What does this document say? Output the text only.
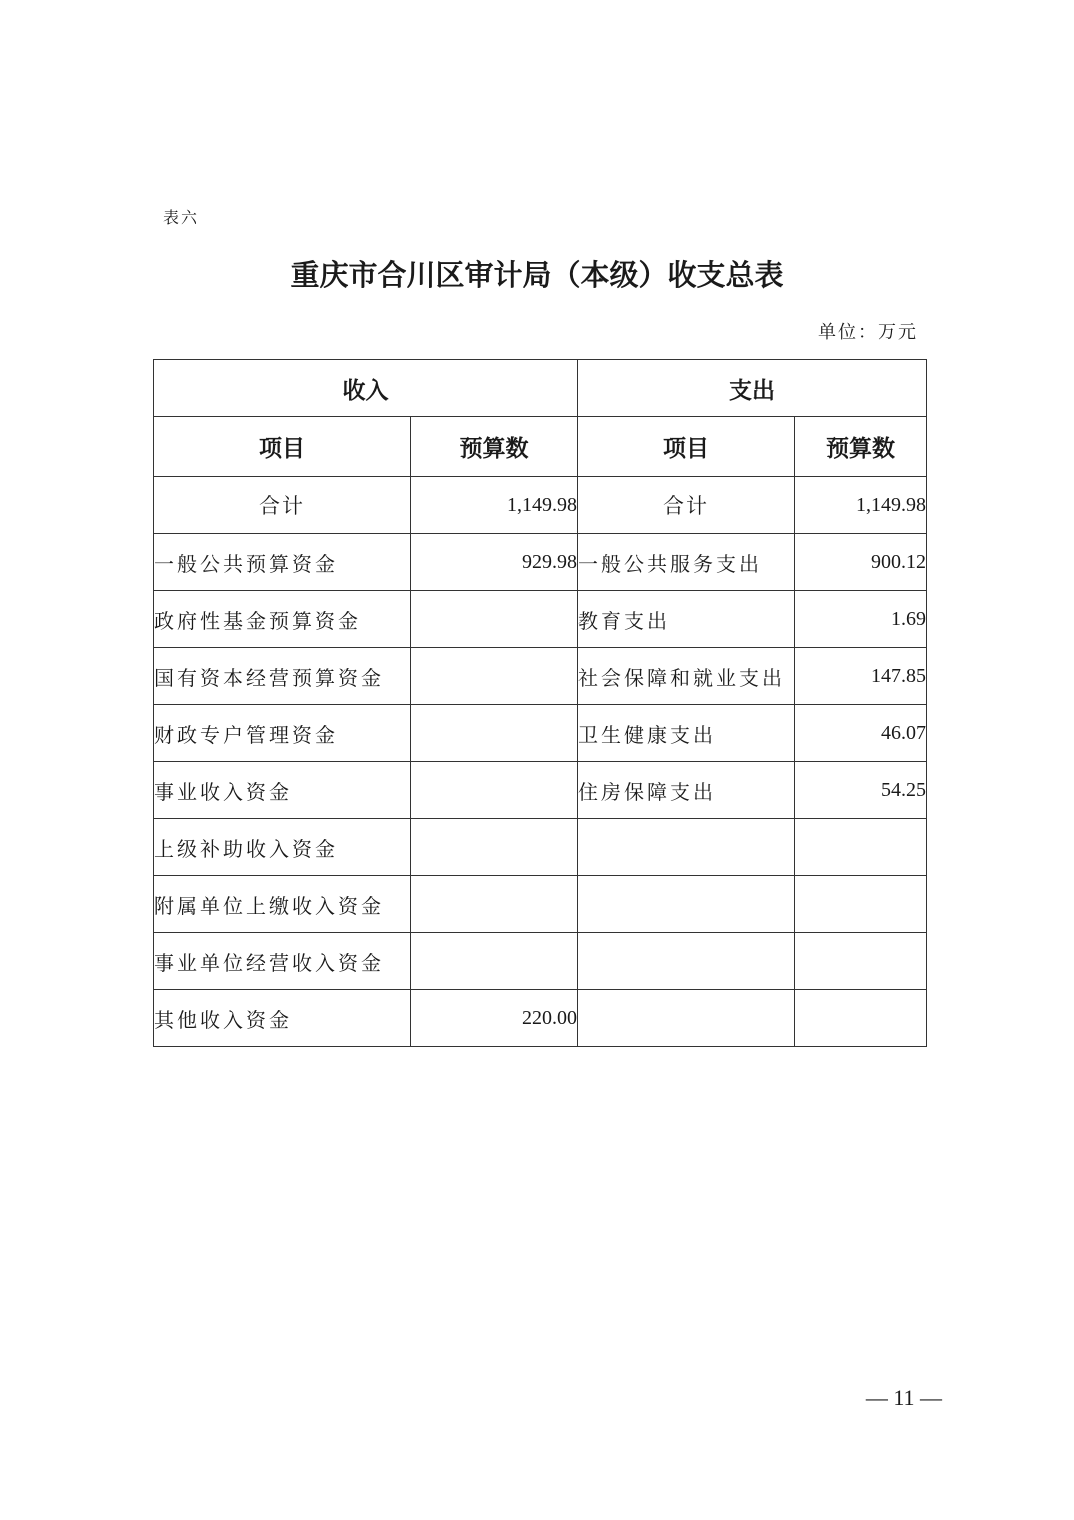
表六
重庆市合川区审计局（本级）收支总表
单位：万元
收入		支出	
项目	预算数	项目	预算数
合计	1,149.98	合计	1,149.98
一般公共预算资金	929.98	一般公共服务支出	900.12
政府性基金预算资金		教育支出	1.69
国有资本经营预算资金		社会保障和就业支出	147.85
财政专户管理资金		卫生健康支出	46.07
事业收入资金		住房保障支出	54.25
上级补助收入资金			
附属单位上缴收入资金			
事业单位经营收入资金			
其他收入资金	220.00		
— 11 —
